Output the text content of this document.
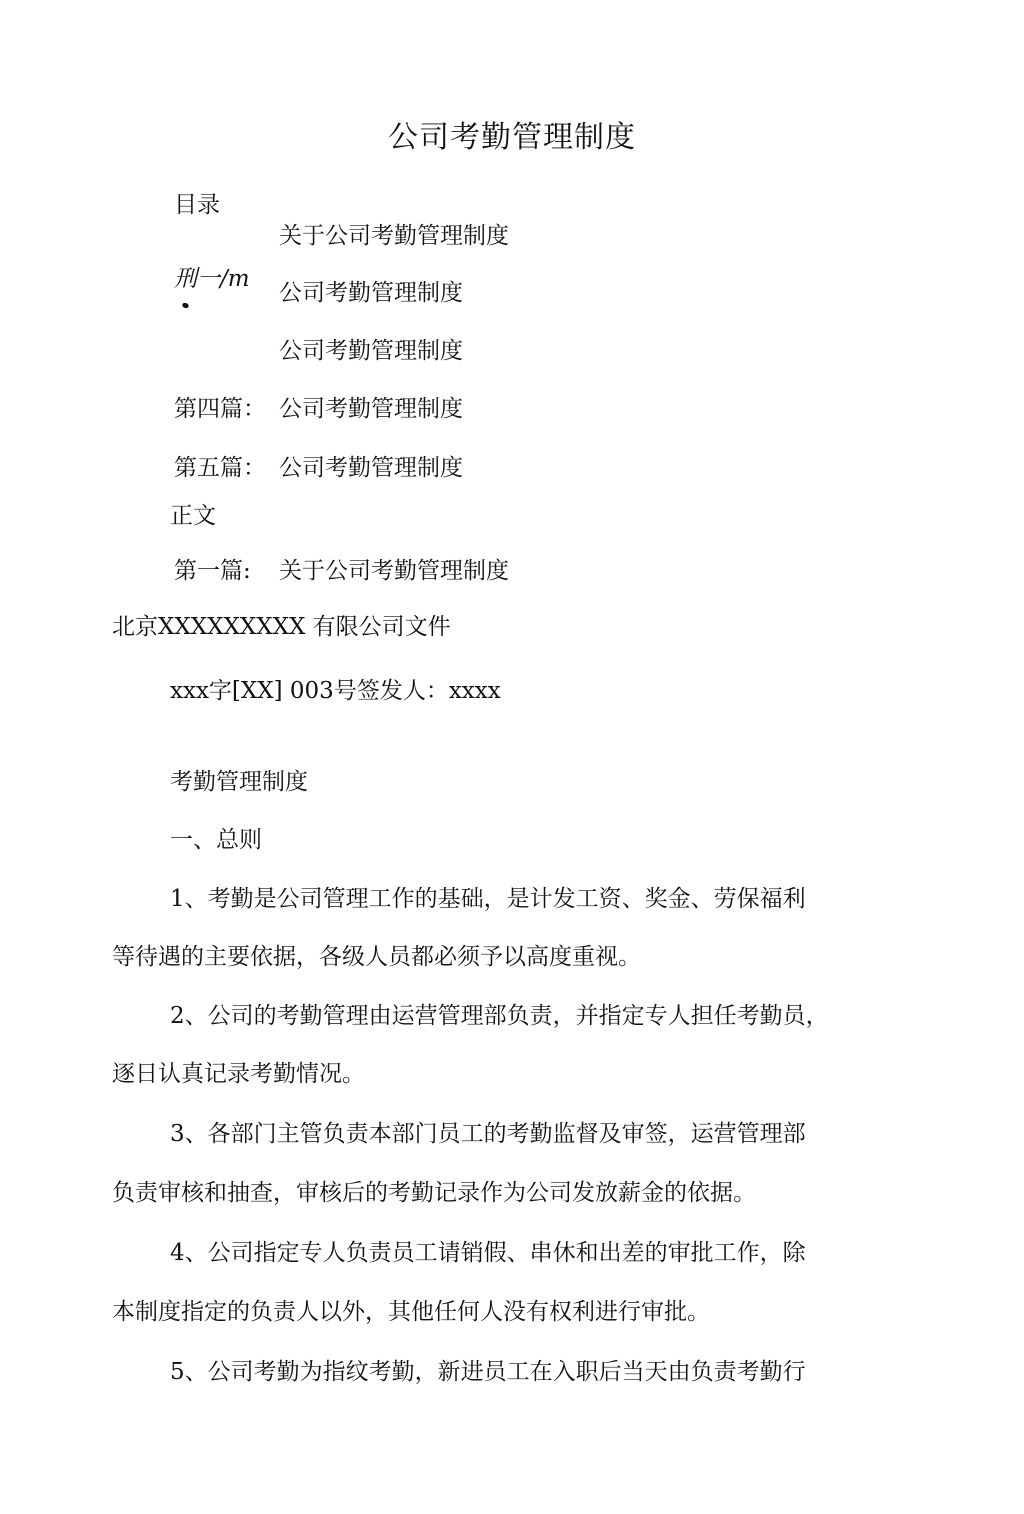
公司考勤管理制度
目录
关于公司考勤管理制度
刑一/m
公司考勤管理制度
公司考勤管理制度
第四篇： 公司考勤管理制度
第五篇： 公司考勤管理制度
正文
第一篇: 关于公司考勤管理制度
北京XXXXXXXXX 有限公司文件
xxx字[XX] 003号签发人：xxxx
考勤管理制度
一、总则
1、考勤是公司管理工作的基础，是计发工资、奖金、劳保福利
等待遇的主要依据，各级人员都必须予以高度重视。
2、公司的考勤管理由运营管理部负责，并指定专人担任考勤员，
逐日认真记录考勤情况。
3、各部门主管负责本部门员工的考勤监督及审签，运营管理部
负责审核和抽查，审核后的考勤记录作为公司发放薪金的依据。
4、公司指定专人负责员工请销假、串休和出差的审批工作，除
本制度指定的负责人以外，其他任何人没有权利进行审批。
5、公司考勤为指纹考勤，新进员工在入职后当天由负责考勤行
